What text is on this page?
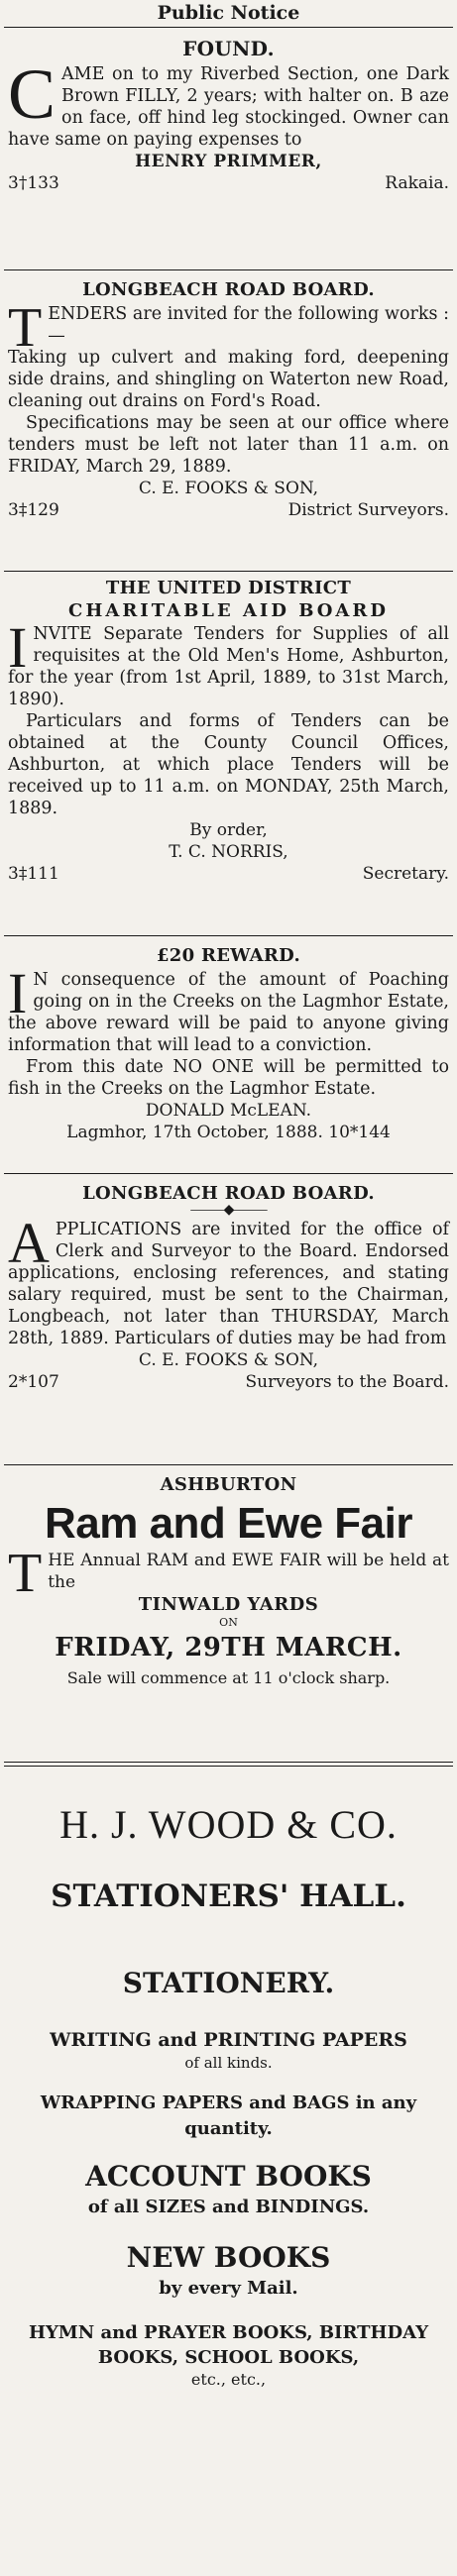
Public Notice
FOUND.
C AME on to my Riverbed Section, one Dark Brown FILLY, 2 years; with halter on. B aze on face, off hind leg stockinged. Owner can have same on paying expenses to
HENRY PRIMMER,
3†133	Rakaia.
LONGBEACH ROAD BOARD.
T ENDERS are invited for the following works :—
Taking up culvert and making ford, deepening side drains, and shingling on Waterton new Road, cleaning out drains on Ford's Road.
Specifications may be seen at our office where tenders must be left not later than 11 a.m. on FRIDAY, March 29, 1889.
C. E. FOOKS & SON,
3‡129	District Surveyors.
THE UNITED DISTRICT
CHARITABLE AID BOARD
I NVITE Separate Tenders for Supplies of all requisites at the Old Men's Home, Ashburton, for the year (from 1st April, 1889, to 31st March, 1890).
Particulars and forms of Tenders can be obtained at the County Council Offices, Ashburton, at which place Tenders will be received up to 11 a.m. on MONDAY, 25th March, 1889.
By order,
T. C. NORRIS,
3‡111	Secretary.
£20 REWARD.
I N consequence of the amount of Poaching going on in the Creeks on the Lagmhor Estate, the above reward will be paid to anyone giving information that will lead to a conviction.
From this date NO ONE will be permitted to fish in the Creeks on the Lagmhor Estate.
DONALD McLEAN.
Lagmhor, 17th October, 1888. 10*144
LONGBEACH ROAD BOARD.
⸻◆⸻
A PPLICATIONS are invited for the office of Clerk and Surveyor to the Board. Endorsed applications, enclosing references, and stating salary required, must be sent to the Chairman, Longbeach, not later than THURSDAY, March 28th, 1889. Particulars of duties may be had from
C. E. FOOKS & SON,
2*107	Surveyors to the Board.
ASHBURTON
Ram and Ewe Fair
T HE Annual RAM and EWE FAIR will be held at the
TINWALD YARDS
ON
FRIDAY, 29TH MARCH.
Sale will commence at 11 o'clock sharp.
H. J. WOOD & CO.
STATIONERS' HALL.
STATIONERY.
WRITING and PRINTING PAPERS
of all kinds.
WRAPPING PAPERS and BAGS in any quantity.
ACCOUNT BOOKS
of all SIZES and BINDINGS.
NEW BOOKS
by every Mail.
HYMN and PRAYER BOOKS, BIRTHDAY BOOKS, SCHOOL BOOKS,
etc., etc.,
